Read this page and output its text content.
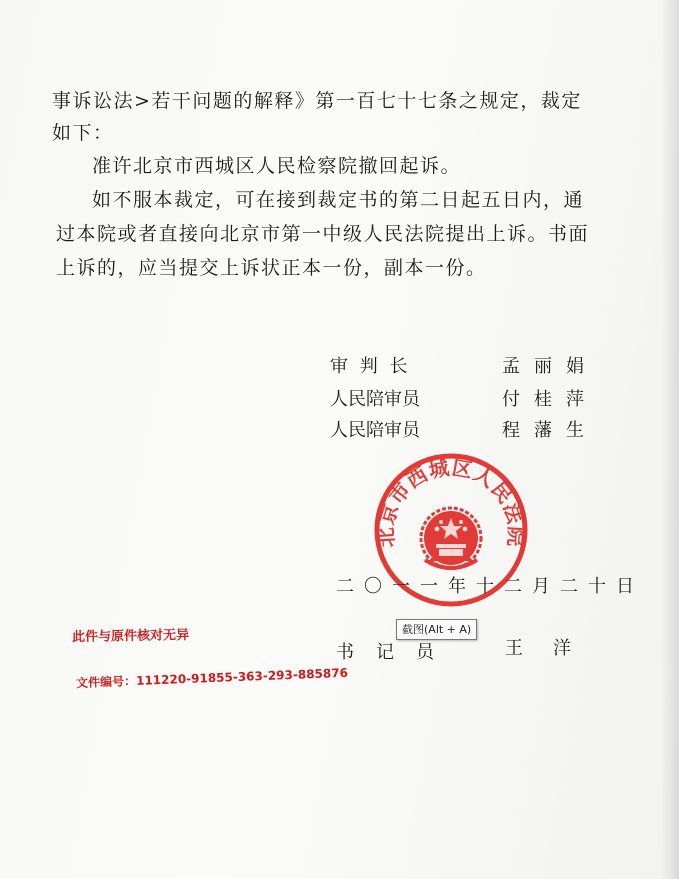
事诉讼法>若干问题的解释》第一百七十七条之规定，裁定
如下：
准许北京市西城区人民检察院撤回起诉。
如不服本裁定，可在接到裁定书的第二日起五日内，通
过本院或者直接向北京市第一中级人民法院提出上诉。书面
上诉的，应当提交上诉状正本一份，副本一份。
审 判 长	孟丽娟
人民陪审员	付桂萍
人民陪审员	程藩生
北京市西城区人民法院
二〇一一年十二月二十日
书记员	王洋
此件与原件核对无异
文件编号：111220-91855-363-293-885876
截图(Alt + A)
